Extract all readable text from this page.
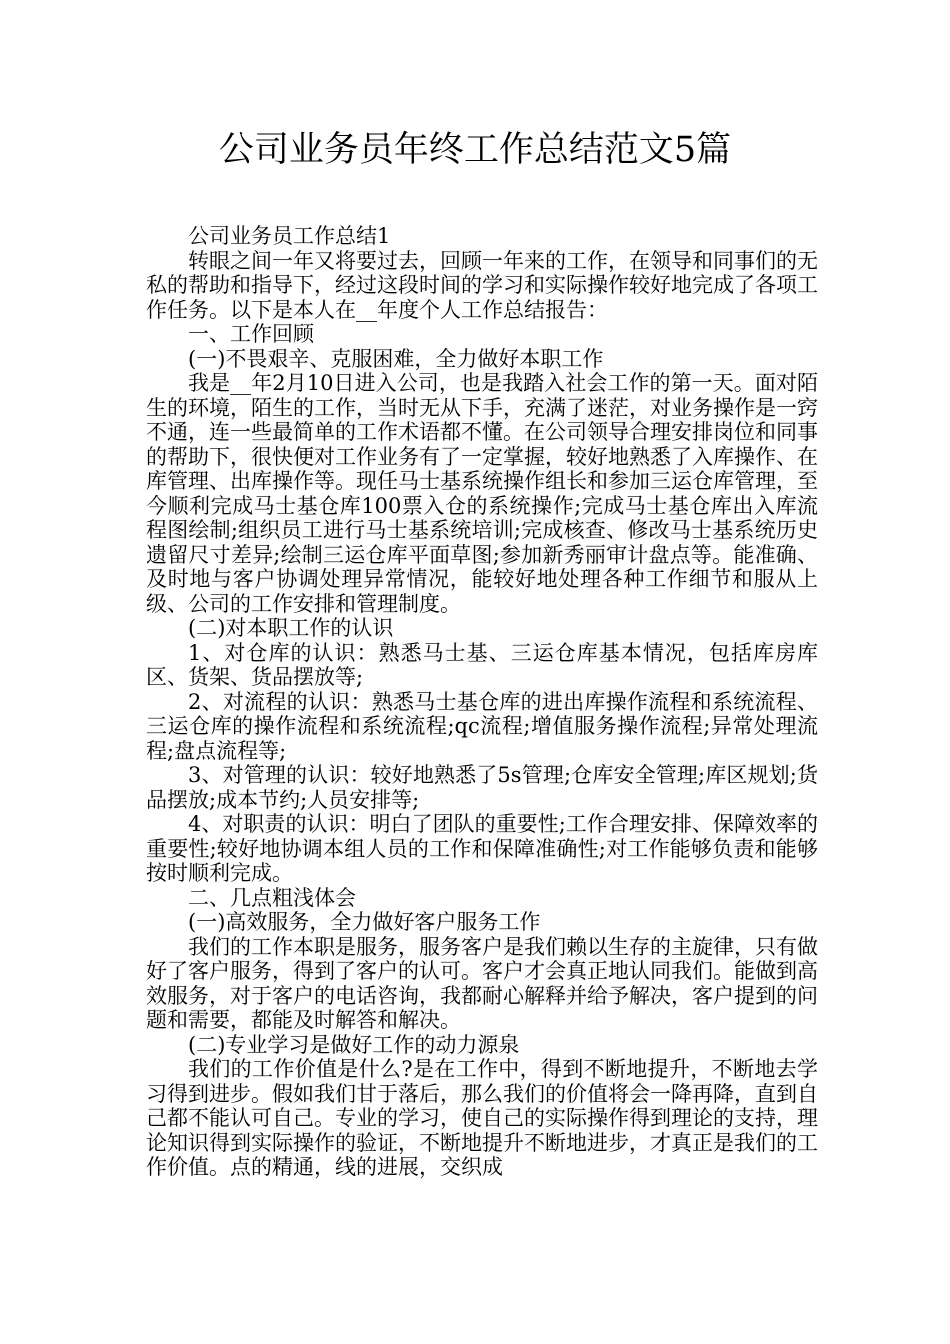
公司业务员年终工作总结范文5篇

公司业务员工作总结1

转眼之间一年又将要过去，回顾一年来的工作，在领导和同事们的无私的帮助和指导下，经过这段时间的学习和实际操作较好地完成了各项工作任务。以下是本人在__年度个人工作总结报告：

一、工作回顾

(一)不畏艰辛、克服困难，全力做好本职工作

我是__年2月10日进入公司，也是我踏入社会工作的第一天。面对陌生的环境，陌生的工作，当时无从下手，充满了迷茫，对业务操作是一窍不通，连一些最简单的工作术语都不懂。在公司领导合理安排岗位和同事的帮助下，很快便对工作业务有了一定掌握，较好地熟悉了入库操作、在库管理、出库操作等。现任马士基系统操作组长和参加三运仓库管理，至今顺利完成马士基仓库100票入仓的系统操作;完成马士基仓库出入库流程图绘制;组织员工进行马士基系统培训;完成核查、修改马士基系统历史遗留尺寸差异;绘制三运仓库平面草图;参加新秀丽审计盘点等。能准确、及时地与客户协调处理异常情况，能较好地处理各种工作细节和服从上级、公司的工作安排和管理制度。

(二)对本职工作的认识

1、对仓库的认识：熟悉马士基、三运仓库基本情况，包括库房库区、货架、货品摆放等;

2、对流程的认识：熟悉马士基仓库的进出库操作流程和系统流程、三运仓库的操作流程和系统流程;qc流程;增值服务操作流程;异常处理流程;盘点流程等;

3、对管理的认识：较好地熟悉了5s管理;仓库安全管理;库区规划;货品摆放;成本节约;人员安排等;

4、对职责的认识：明白了团队的重要性;工作合理安排、保障效率的重要性;较好地协调本组人员的工作和保障准确性;对工作能够负责和能够按时顺利完成。

二、几点粗浅体会

(一)高效服务，全力做好客户服务工作

我们的工作本职是服务，服务客户是我们赖以生存的主旋律，只有做好了客户服务，得到了客户的认可。客户才会真正地认同我们。能做到高效服务，对于客户的电话咨询，我都耐心解释并给予解决，客户提到的问题和需要，都能及时解答和解决。

(二)专业学习是做好工作的动力源泉

我们的工作价值是什么?是在工作中，得到不断地提升，不断地去学习得到进步。假如我们甘于落后，那么我们的价值将会一降再降，直到自己都不能认可自己。专业的学习，使自己的实际操作得到理论的支持，理论知识得到实际操作的验证，不断地提升不断地进步，才真正是我们的工作价值。点的精通，线的进展，交织成
